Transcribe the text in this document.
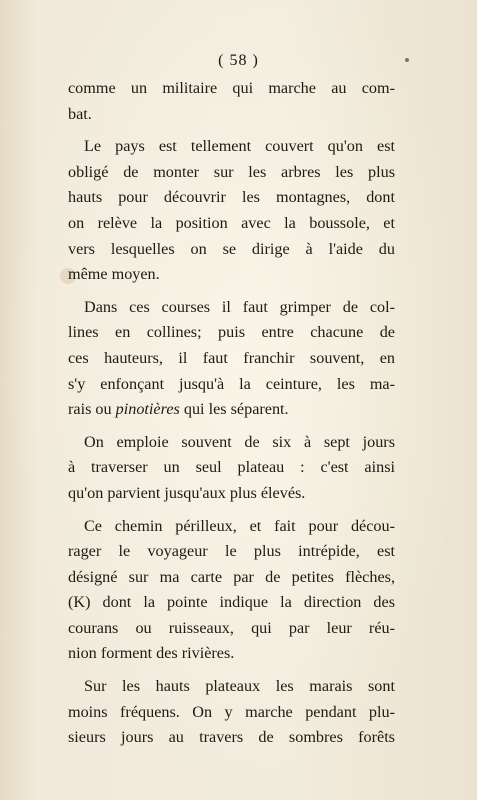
( 58 )
comme un militaire qui marche au com-
bat.
Le pays est tellement couvert qu'on est
obligé de monter sur les arbres les plus
hauts pour découvrir les montagnes, dont
on relève la position avec la boussole, et
vers lesquelles on se dirige à l'aide du
même moyen.
Dans ces courses il faut grimper de col-
lines en collines; puis entre chacune de
ces hauteurs, il faut franchir souvent, en
s'y enfonçant jusqu'à la ceinture, les ma-
rais ou pinotières qui les séparent.
On emploie souvent de six à sept jours
à traverser un seul plateau : c'est ainsi
qu'on parvient jusqu'aux plus élevés.
Ce chemin périlleux, et fait pour décou-
rager le voyageur le plus intrépide, est
désigné sur ma carte par de petites flèches,
(K) dont la pointe indique la direction des
courans ou ruisseaux, qui par leur réu-
nion forment des rivières.
Sur les hauts plateaux les marais sont
moins fréquens. On y marche pendant plu-
sieurs jours au travers de sombres forêts
